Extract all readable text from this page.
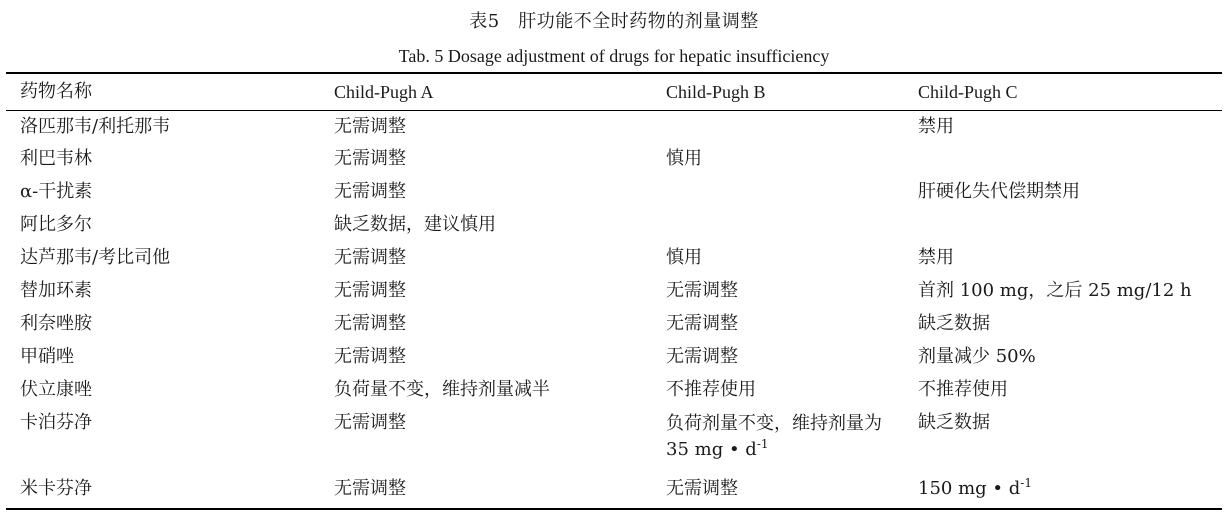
表5　肝功能不全时药物的剂量调整
Tab. 5 Dosage adjustment of drugs for hepatic insufficiency
药物名称	Child-Pugh A	Child-Pugh B	Child-Pugh C
洛匹那韦/利托那韦	无需调整		禁用
利巴韦林	无需调整	慎用	
α-干扰素	无需调整		肝硬化失代偿期禁用
阿比多尔	缺乏数据，建议慎用		
达芦那韦/考比司他	无需调整	慎用	禁用
替加环素	无需调整	无需调整	首剂 100 mg，之后 25 mg/12 h
利奈唑胺	无需调整	无需调整	缺乏数据
甲硝唑	无需调整	无需调整	剂量减少 50%
伏立康唑	负荷量不变，维持剂量减半	不推荐使用	不推荐使用
卡泊芬净	无需调整	负荷剂量不变，维持剂量为 35 mg • $d^{-1}$	缺乏数据
米卡芬净	无需调整	无需调整	150 mg • $d^{-1}$
